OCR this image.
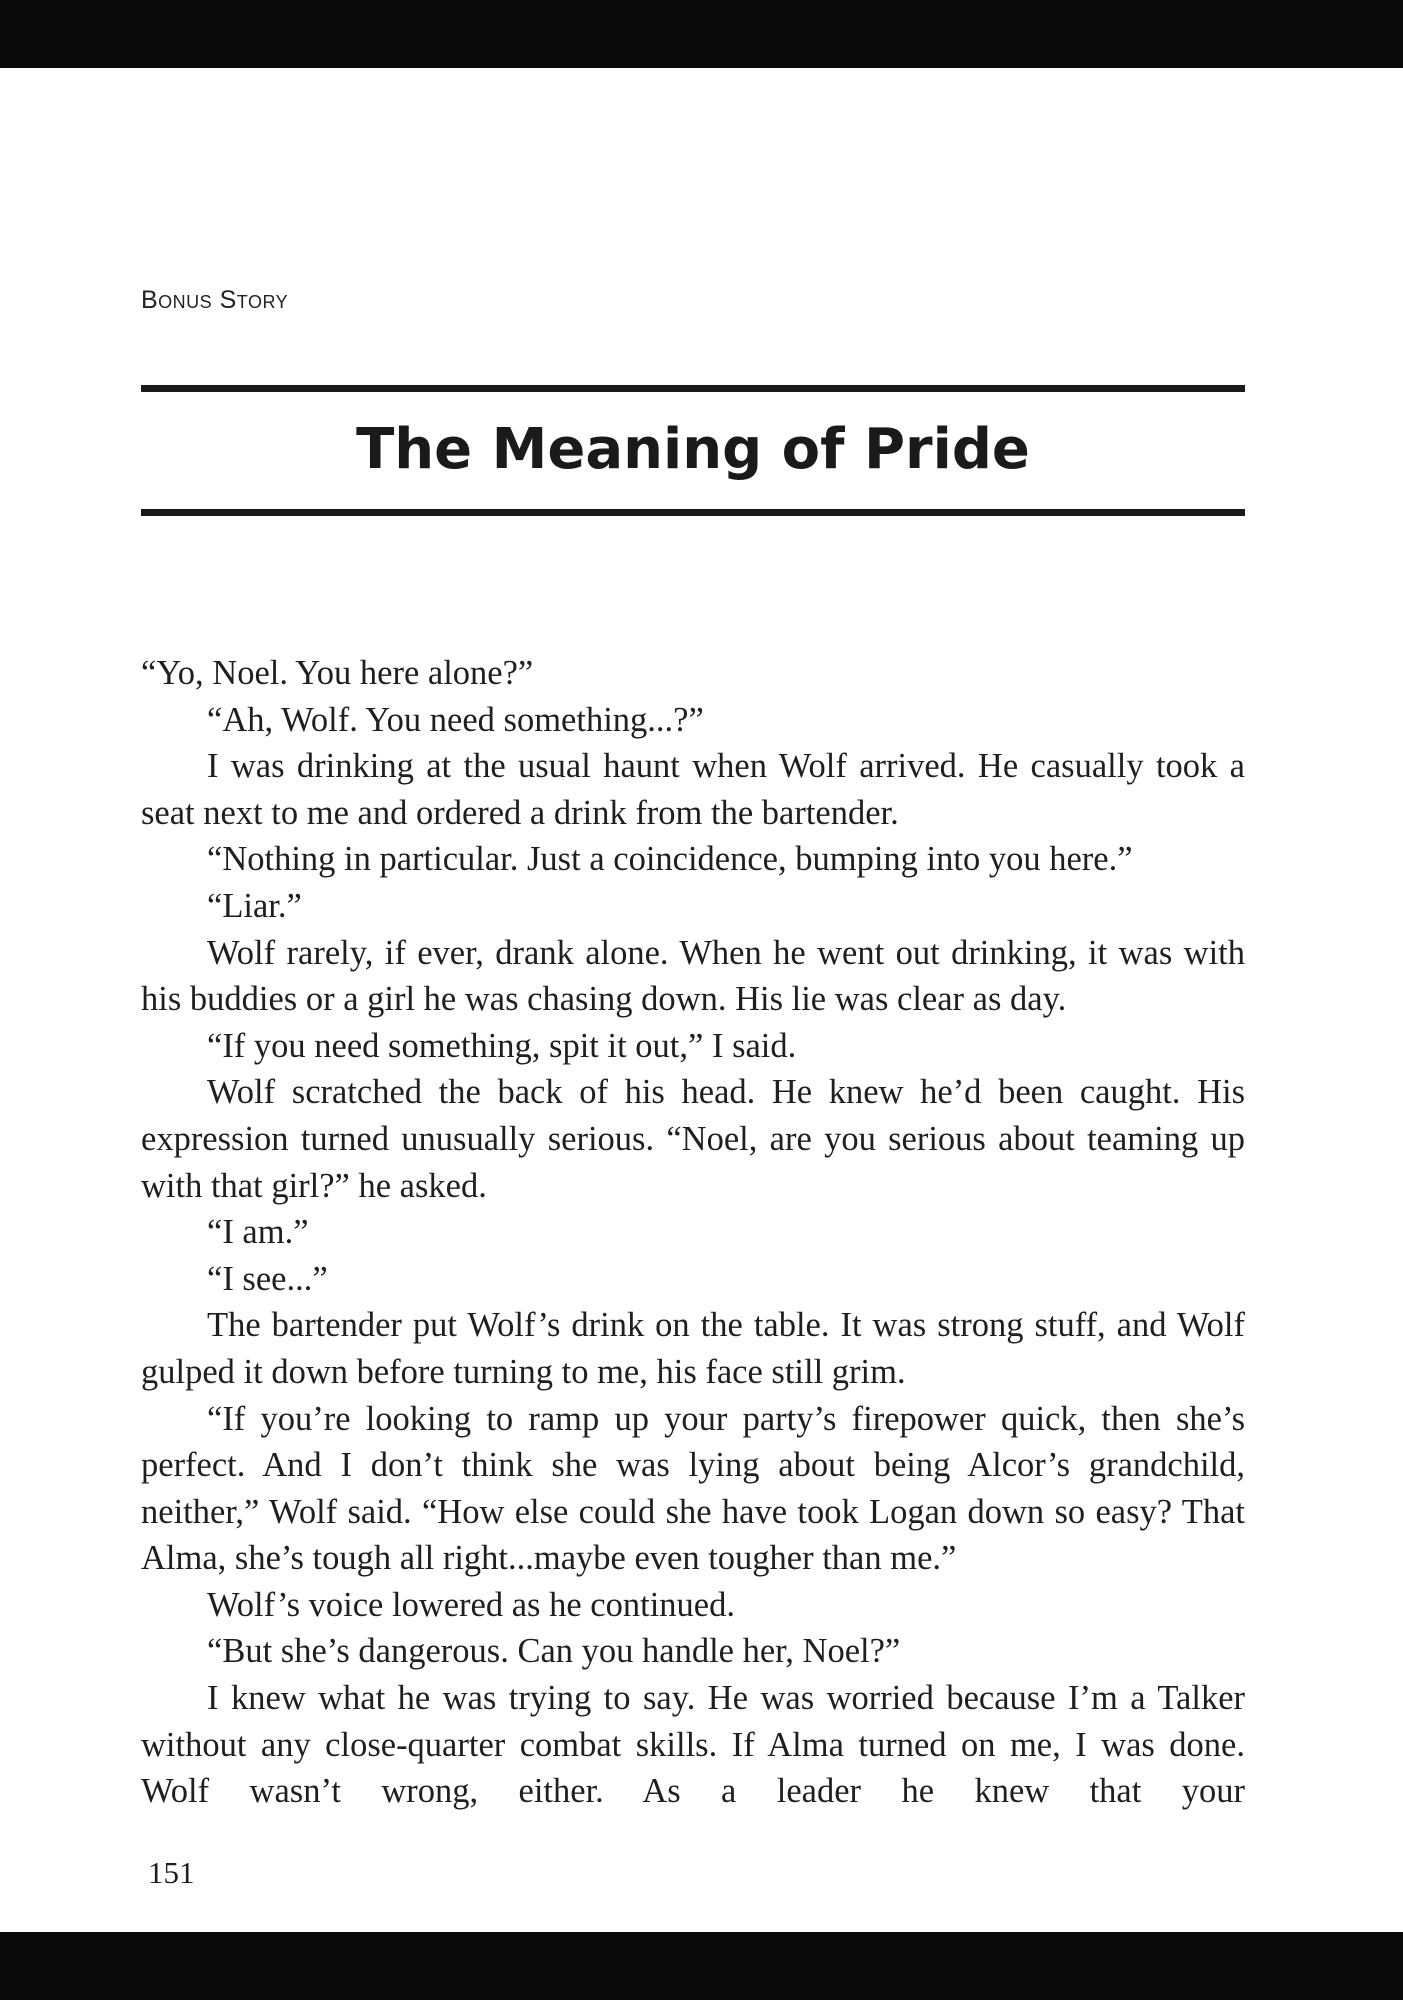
Bonus Story
The Meaning of Pride

“Yo, Noel. You here alone?”

“Ah, Wolf. You need something...?”

I was drinking at the usual haunt when Wolf arrived. He casually took a seat next to me and ordered a drink from the bartender.

“Nothing in particular. Just a coincidence, bumping into you here.”

“Liar.”

Wolf rarely, if ever, drank alone. When he went out drinking, it was with his buddies or a girl he was chasing down. His lie was clear as day.

“If you need something, spit it out,” I said.

Wolf scratched the back of his head. He knew he’d been caught. His expression turned unusually serious. “Noel, are you serious about teaming up with that girl?” he asked.

“I am.”

“I see...”

The bartender put Wolf’s drink on the table. It was strong stuff, and Wolf gulped it down before turning to me, his face still grim.

“If you’re looking to ramp up your party’s firepower quick, then she’s perfect. And I don’t think she was lying about being Alcor’s grandchild, neither,” Wolf said. “How else could she have took Logan down so easy? That Alma, she’s tough all right...maybe even tougher than me.”

Wolf’s voice lowered as he continued.

“But she’s dangerous. Can you handle her, Noel?”

I knew what he was trying to say. He was worried because I’m a Talker without any close-quarter combat skills. If Alma turned on me, I was done. Wolf wasn’t wrong, either. As a leader he knew that your

151
